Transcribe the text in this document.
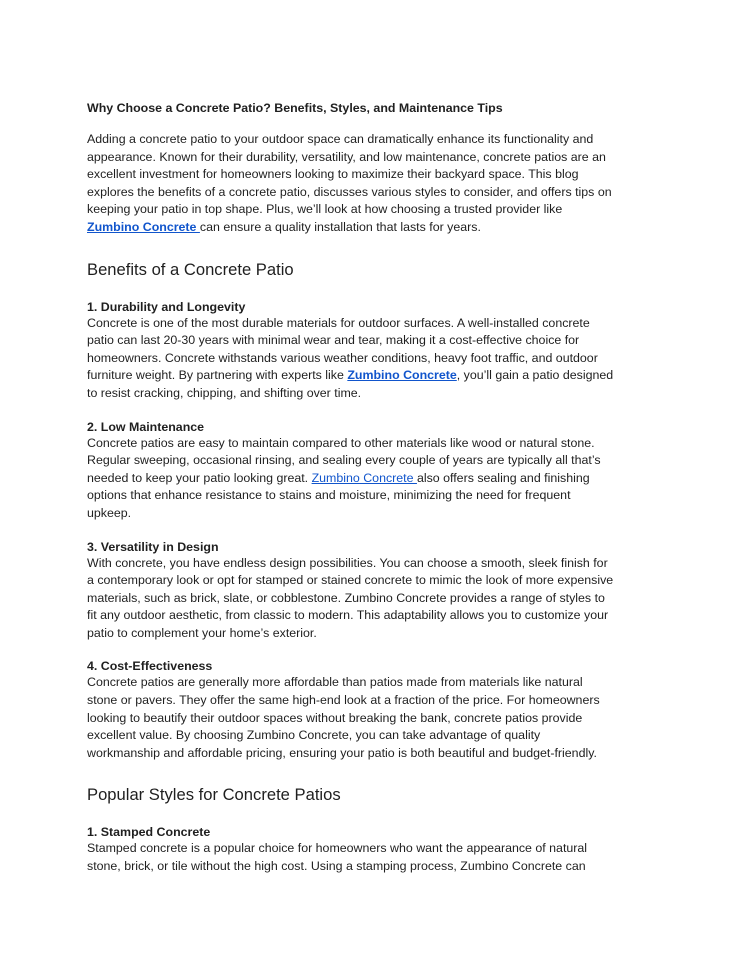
Why Choose a Concrete Patio? Benefits, Styles, and Maintenance Tips

Adding a concrete patio to your outdoor space can dramatically enhance its functionality and
appearance. Known for their durability, versatility, and low maintenance, concrete patios are an
excellent investment for homeowners looking to maximize their backyard space. This blog
explores the benefits of a concrete patio, discusses various styles to consider, and offers tips on
keeping your patio in top shape. Plus, we’ll look at how choosing a trusted provider like
Zumbino Concrete can ensure a quality installation that lasts for years.

Benefits of a Concrete Patio
1. Durability and Longevity

Concrete is one of the most durable materials for outdoor surfaces. A well-installed concrete
patio can last 20-30 years with minimal wear and tear, making it a cost-effective choice for
homeowners. Concrete withstands various weather conditions, heavy foot traffic, and outdoor
furniture weight. By partnering with experts like Zumbino Concrete, you’ll gain a patio designed
to resist cracking, chipping, and shifting over time.

2. Low Maintenance

Concrete patios are easy to maintain compared to other materials like wood or natural stone.
Regular sweeping, occasional rinsing, and sealing every couple of years are typically all that’s
needed to keep your patio looking great. Zumbino Concrete also offers sealing and finishing
options that enhance resistance to stains and moisture, minimizing the need for frequent
upkeep.

3. Versatility in Design

With concrete, you have endless design possibilities. You can choose a smooth, sleek finish for
a contemporary look or opt for stamped or stained concrete to mimic the look of more expensive
materials, such as brick, slate, or cobblestone. Zumbino Concrete provides a range of styles to
fit any outdoor aesthetic, from classic to modern. This adaptability allows you to customize your
patio to complement your home’s exterior.

4. Cost-Effectiveness

Concrete patios are generally more affordable than patios made from materials like natural
stone or pavers. They offer the same high-end look at a fraction of the price. For homeowners
looking to beautify their outdoor spaces without breaking the bank, concrete patios provide
excellent value. By choosing Zumbino Concrete, you can take advantage of quality
workmanship and affordable pricing, ensuring your patio is both beautiful and budget-friendly.

Popular Styles for Concrete Patios
1. Stamped Concrete

Stamped concrete is a popular choice for homeowners who want the appearance of natural
stone, brick, or tile without the high cost. Using a stamping process, Zumbino Concrete can
